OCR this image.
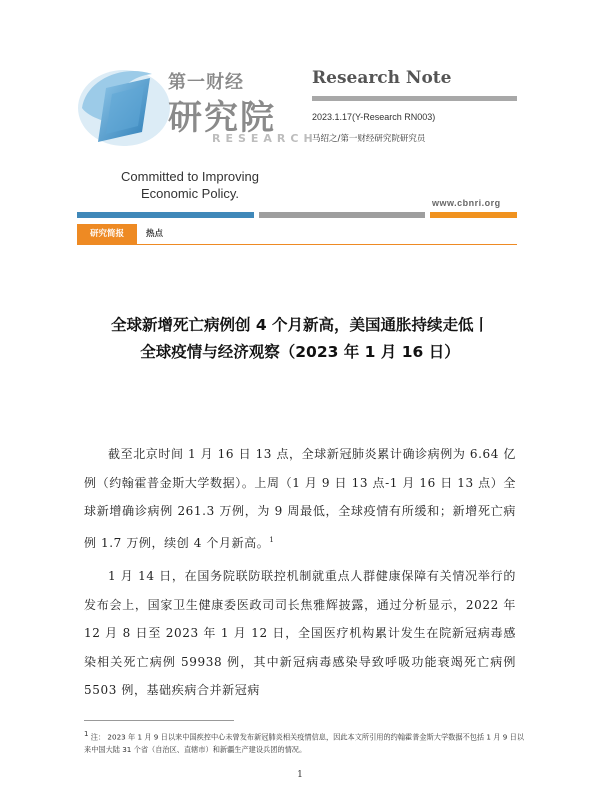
第一财经
研究院
RESEARCH
Committed to Improving
Economic Policy.
Research Note
2023.1.17(Y-Research RN003)
马绍之/第一财经研究院研究员
www.cbnri.org
研究简报	热点
全球新增死亡病例创 4 个月新高，美国通胀持续走低丨
全球疫情与经济观察（2023 年 1 月 16 日）
截至北京时间 1 月 16 日 13 点，全球新冠肺炎累计确诊病例为 6.64 亿例（约翰霍普金斯大学数据）。上周（1 月 9 日 13 点-1 月 16 日 13 点）全球新增确诊病例 261.3 万例，为 9 周最低，全球疫情有所缓和；新增死亡病例 1.7 万例，续创 4 个月新高。$^1$
1 月 14 日，在国务院联防联控机制就重点人群健康保障有关情况举行的发布会上，国家卫生健康委医政司司长焦雅辉披露，通过分析显示，2022 年 12 月 8 日至 2023 年 1 月 12 日，全国医疗机构累计发生在院新冠病毒感染相关死亡病例 59938 例，其中新冠病毒感染导致呼吸功能衰竭死亡病例 5503 例，基础疾病合并新冠病
1 注： 2023 年 1 月 9 日以来中国疾控中心未曾发布新冠肺炎相关疫情信息，因此本文所引用的约翰霍普金斯大学数据不包括 1 月 9 日以来中国大陆 31 个省（自治区、直辖市）和新疆生产建设兵团的情况。
1
